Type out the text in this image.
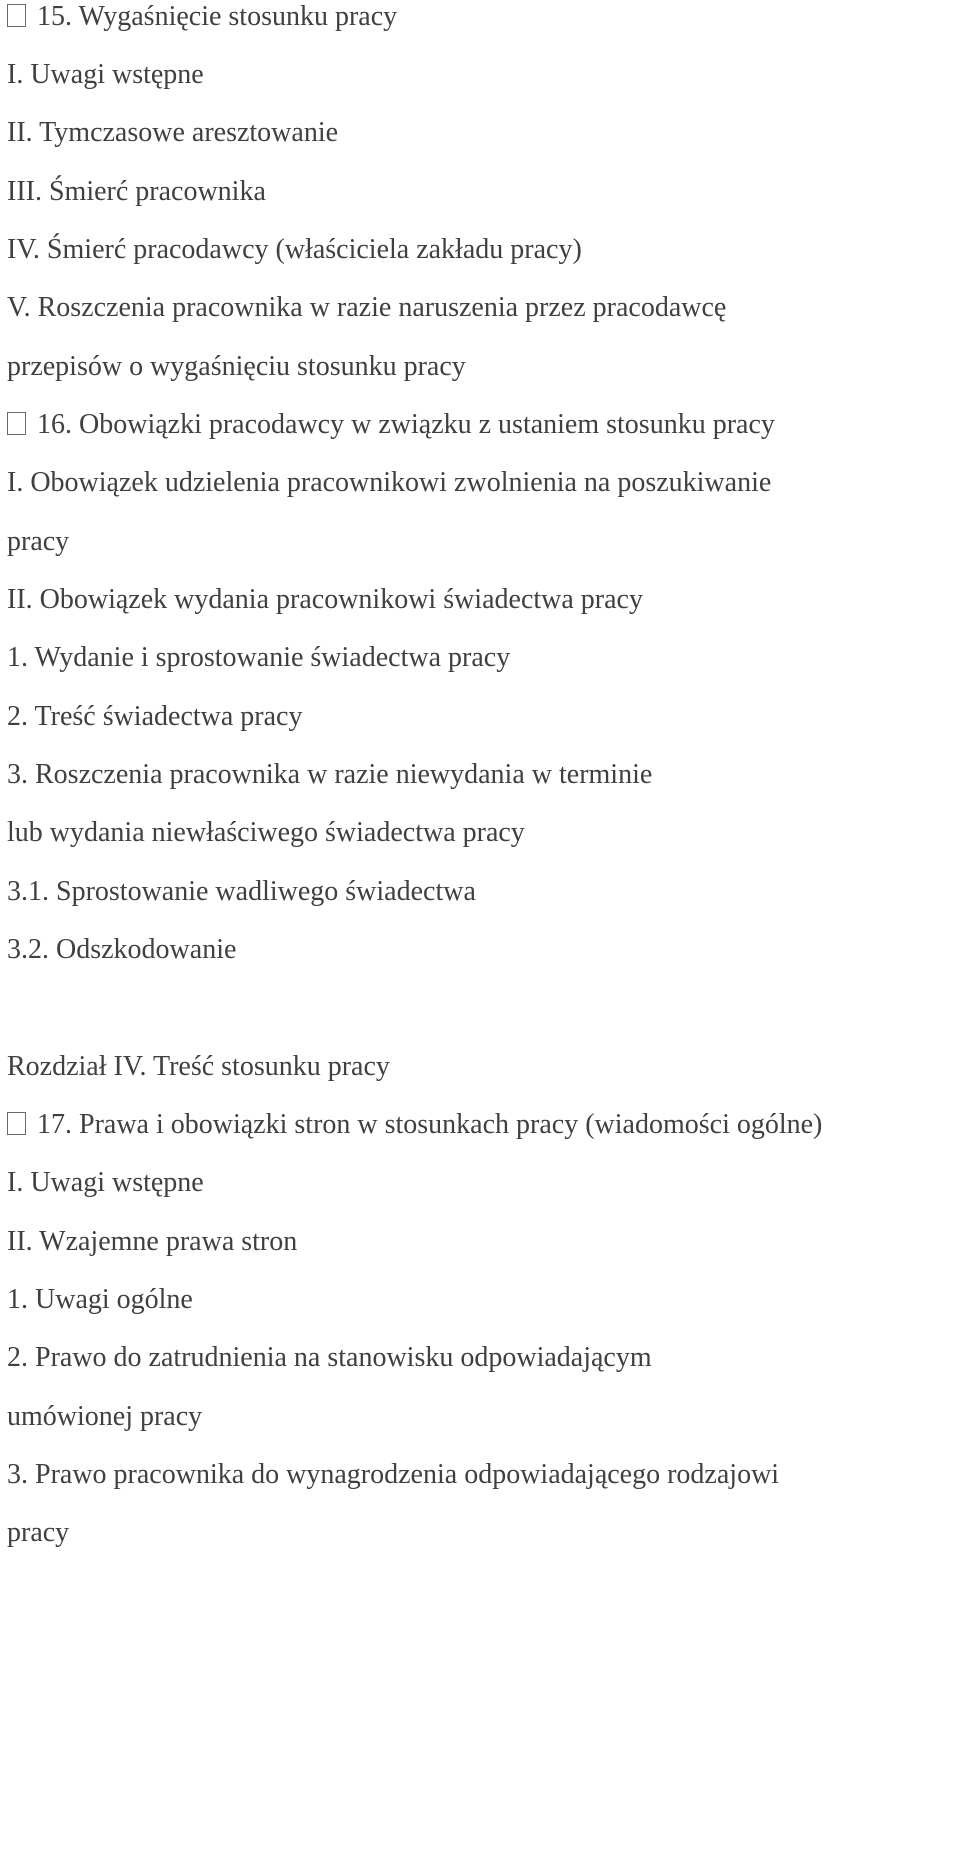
15. Wygaśnięcie stosunku pracy
I. Uwagi wstępne
II. Tymczasowe aresztowanie
III. Śmierć pracownika
IV. Śmierć pracodawcy (właściciela zakładu pracy)
V. Roszczenia pracownika w razie naruszenia przez pracodawcę
przepisów o wygaśnięciu stosunku pracy
16. Obowiązki pracodawcy w związku z ustaniem stosunku pracy
I. Obowiązek udzielenia pracownikowi zwolnienia na poszukiwanie
pracy
II. Obowiązek wydania pracownikowi świadectwa pracy
1. Wydanie i sprostowanie świadectwa pracy
2. Treść świadectwa pracy
3. Roszczenia pracownika w razie niewydania w terminie
lub wydania niewłaściwego świadectwa pracy
3.1. Sprostowanie wadliwego świadectwa
3.2. Odszkodowanie
Rozdział IV. Treść stosunku pracy
17. Prawa i obowiązki stron w stosunkach pracy (wiadomości ogólne)
I. Uwagi wstępne
II. Wzajemne prawa stron
1. Uwagi ogólne
2. Prawo do zatrudnienia na stanowisku odpowiadającym
umówionej pracy
3. Prawo pracownika do wynagrodzenia odpowiadającego rodzajowi
pracy
